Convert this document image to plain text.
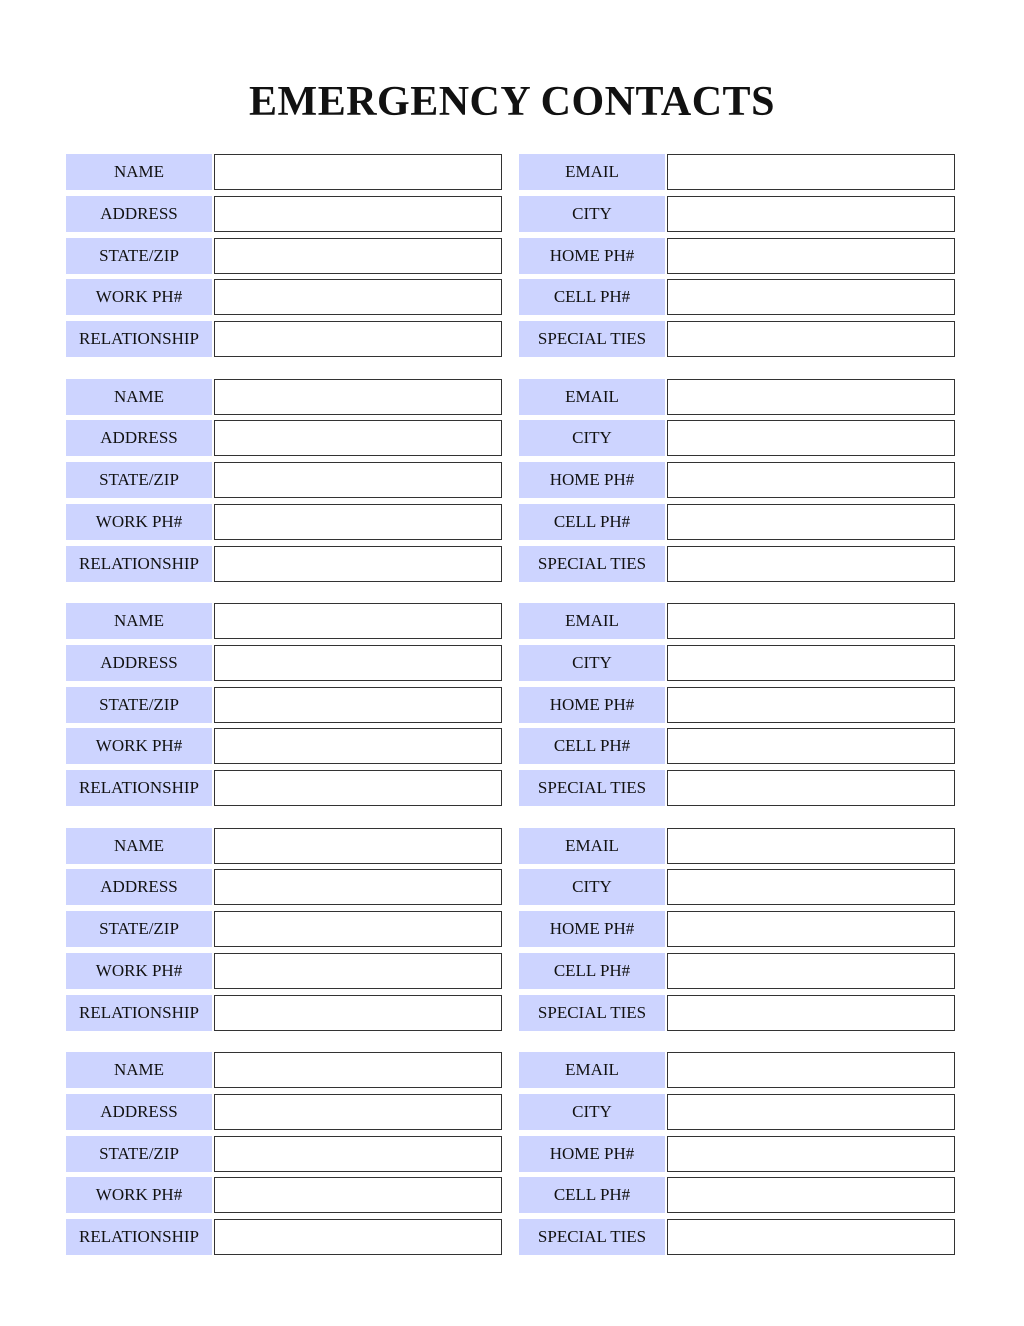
EMERGENCY CONTACTS
NAME
ADDRESS
STATE/ZIP
WORK PH#
RELATIONSHIP
EMAIL
CITY
HOME PH#
CELL PH#
SPECIAL TIES
NAME
ADDRESS
STATE/ZIP
WORK PH#
RELATIONSHIP
EMAIL
CITY
HOME PH#
CELL PH#
SPECIAL TIES
NAME
ADDRESS
STATE/ZIP
WORK PH#
RELATIONSHIP
EMAIL
CITY
HOME PH#
CELL PH#
SPECIAL TIES
NAME
ADDRESS
STATE/ZIP
WORK PH#
RELATIONSHIP
EMAIL
CITY
HOME PH#
CELL PH#
SPECIAL TIES
NAME
ADDRESS
STATE/ZIP
WORK PH#
RELATIONSHIP
EMAIL
CITY
HOME PH#
CELL PH#
SPECIAL TIES
